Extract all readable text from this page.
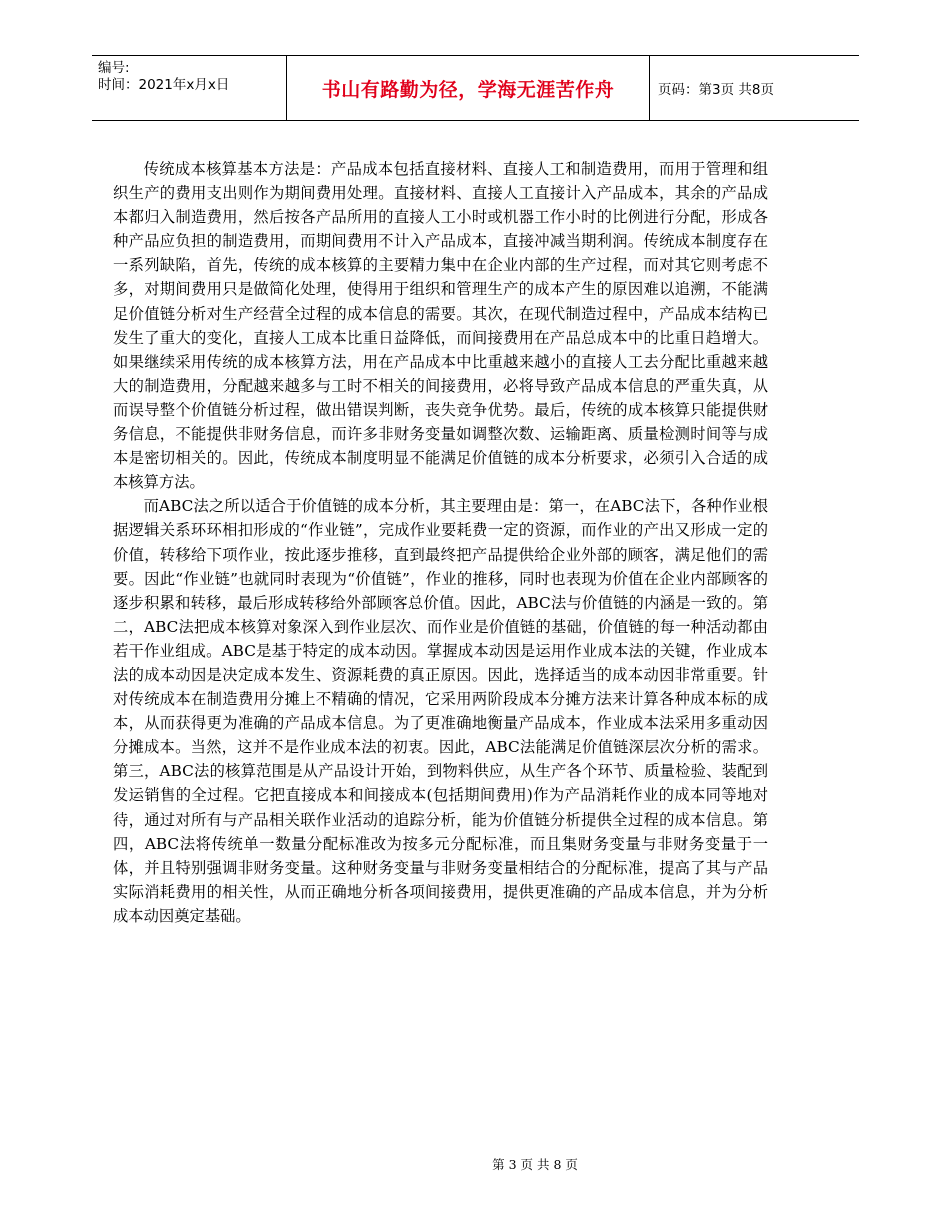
编号:
时间：2021年x月x日	书山有路勤为径，学海无涯苦作舟	页码：第3页 共8页

传统成本核算基本方法是：产品成本包括直接材料、直接人工和制造费用，而用于管理和组织生产的费用支出则作为期间费用处理。直接材料、直接人工直接计入产品成本，其余的产品成本都归入制造费用，然后按各产品所用的直接人工小时或机器工作小时的比例进行分配，形成各种产品应负担的制造费用，而期间费用不计入产品成本，直接冲减当期利润。传统成本制度存在一系列缺陷，首先，传统的成本核算的主要精力集中在企业内部的生产过程，而对其它则考虑不多，对期间费用只是做简化处理，使得用于组织和管理生产的成本产生的原因难以追溯，不能满足价值链分析对生产经营全过程的成本信息的需要。其次，在现代制造过程中，产品成本结构已发生了重大的变化，直接人工成本比重日益降低，而间接费用在产品总成本中的比重日趋增大。如果继续采用传统的成本核算方法，用在产品成本中比重越来越小的直接人工去分配比重越来越大的制造费用，分配越来越多与工时不相关的间接费用，必将导致产品成本信息的严重失真，从而误导整个价值链分析过程，做出错误判断，丧失竞争优势。最后，传统的成本核算只能提供财务信息，不能提供非财务信息，而许多非财务变量如调整次数、运输距离、质量检测时间等与成本是密切相关的。因此，传统成本制度明显不能满足价值链的成本分析要求，必须引入合适的成本核算方法。

而ABC法之所以适合于价值链的成本分析，其主要理由是：第一，在ABC法下，各种作业根据逻辑关系环环相扣形成的“作业链”，完成作业要耗费一定的资源，而作业的产出又形成一定的价值，转移给下项作业，按此逐步推移，直到最终把产品提供给企业外部的顾客，满足他们的需要。因此“作业链”也就同时表现为“价值链”，作业的推移，同时也表现为价值在企业内部顾客的逐步积累和转移，最后形成转移给外部顾客总价值。因此，ABC法与价值链的内涵是一致的。第二，ABC法把成本核算对象深入到作业层次、而作业是价值链的基础，价值链的每一种活动都由若干作业组成。ABC是基于特定的成本动因。掌握成本动因是运用作业成本法的关键，作业成本法的成本动因是决定成本发生、资源耗费的真正原因。因此，选择适当的成本动因非常重要。针对传统成本在制造费用分摊上不精确的情况，它采用两阶段成本分摊方法来计算各种成本标的成本，从而获得更为准确的产品成本信息。为了更准确地衡量产品成本，作业成本法采用多重动因分摊成本。当然，这并不是作业成本法的初衷。因此，ABC法能满足价值链深层次分析的需求。第三，ABC法的核算范围是从产品设计开始，到物料供应，从生产各个环节、质量检验、装配到发运销售的全过程。它把直接成本和间接成本(包括期间费用)作为产品消耗作业的成本同等地对待，通过对所有与产品相关联作业活动的追踪分析，能为价值链分析提供全过程的成本信息。第四，ABC法将传统单一数量分配标准改为按多元分配标准，而且集财务变量与非财务变量于一体，并且特别强调非财务变量。这种财务变量与非财务变量相结合的分配标准，提高了其与产品实际消耗费用的相关性，从而正确地分析各项间接费用，提供更准确的产品成本信息，并为分析成本动因奠定基础。

第 3 页 共 8 页
